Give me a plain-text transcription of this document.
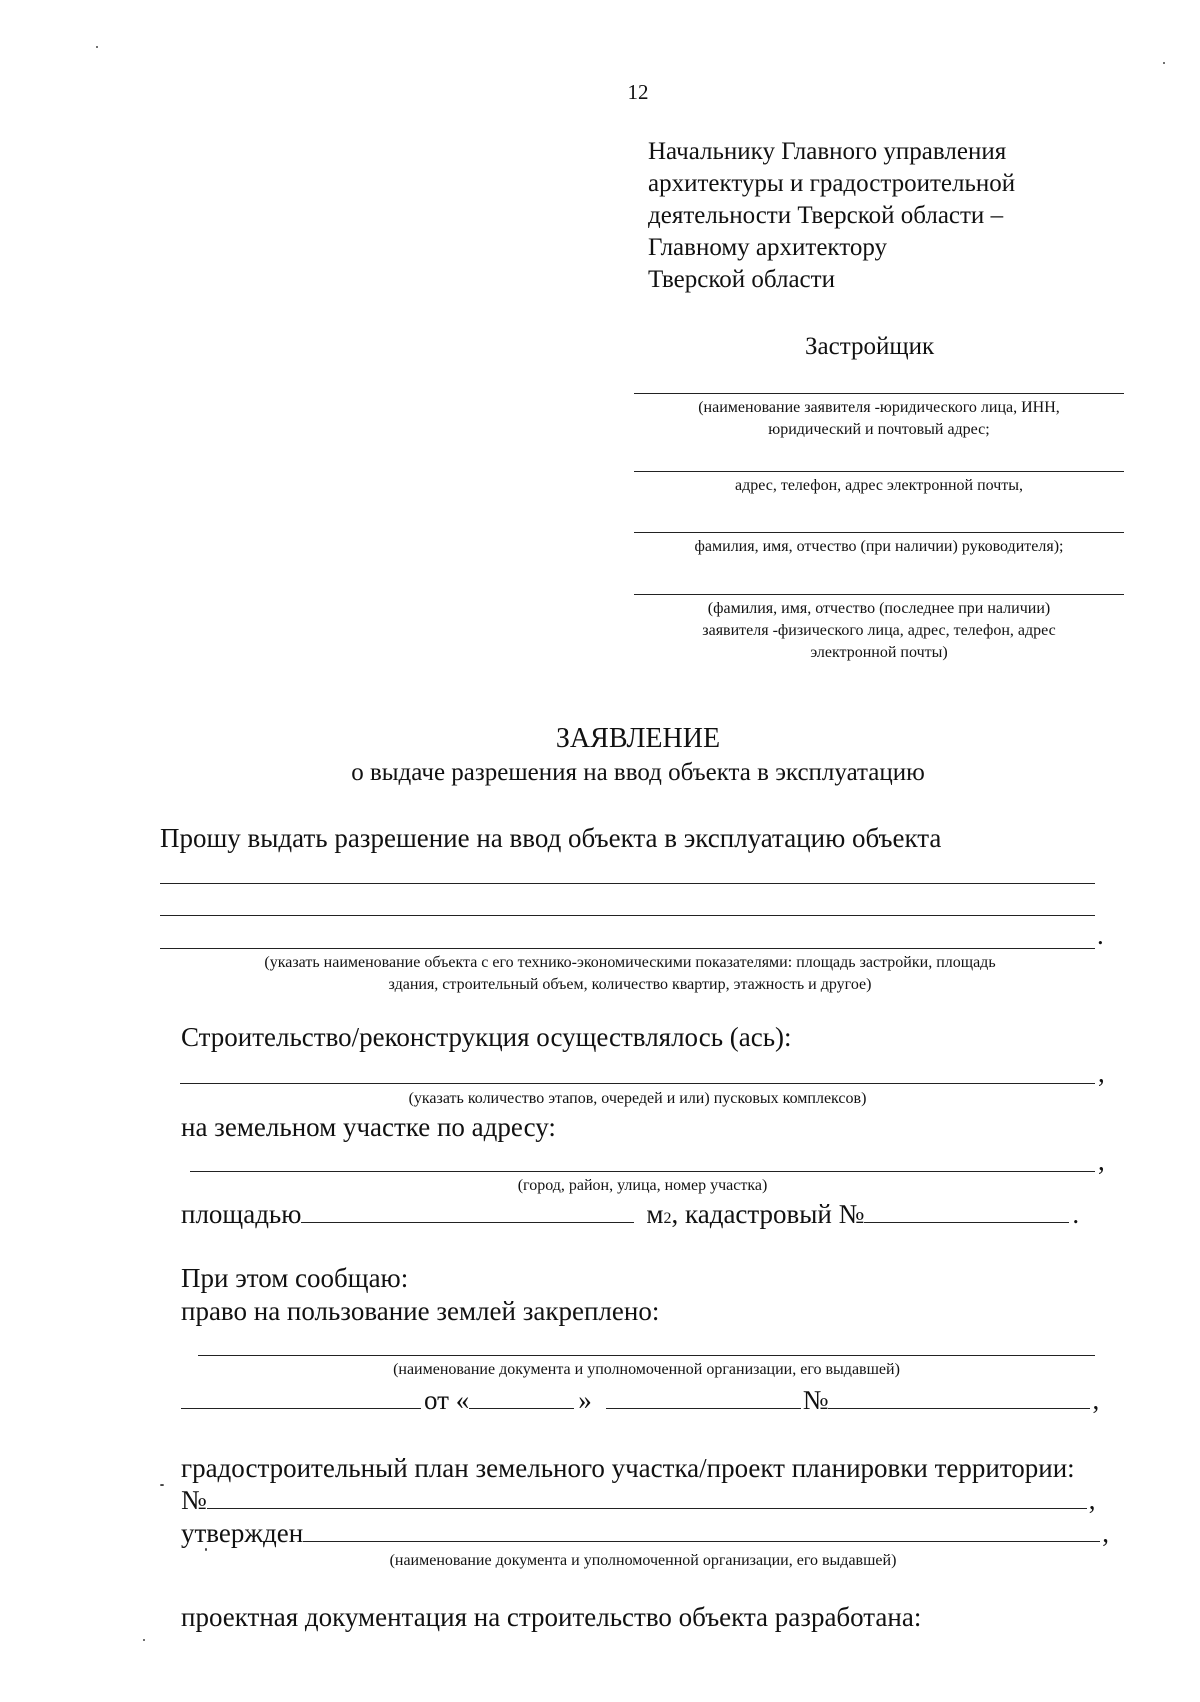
12
Начальнику Главного управления
архитектуры и градостроительной
деятельности Тверской области –
Главному архитектору
Тверской области
Застройщик
(наименование заявителя -юридического лица, ИНН,
юридический и почтовый адрес;
адрес, телефон, адрес электронной почты,
фамилия, имя, отчество (при наличии) руководителя);
(фамилия, имя, отчество (последнее при наличии)
заявителя -физического лица, адрес, телефон, адрес
электронной почты)
ЗАЯВЛЕНИЕ
о выдаче разрешения на ввод объекта в эксплуатацию
Прошу выдать разрешение на ввод объекта в эксплуатацию объекта
.
(указать наименование объекта с его технико-экономическими показателями: площадь застройки, площадь
здания, строительный объем, количество квартир, этажность и другое)
Строительство/реконструкция осуществлялось (ась):
,
(указать количество этапов, очередей и или) пусковых комплексов)
на земельном участке по адресу:
,
(город, район, улица, номер участка)
площадью	м 2 , кадастровый №	.
При этом сообщаю:
право на пользование землей закреплено:
(наименование документа и уполномоченной организации, его выдавшей)
от «	»	№	,
градостроительный план земельного участка/проект планировки территории:
№	,
утвержден	,
(наименование документа и уполномоченной организации, его выдавшей)
проектная документация на строительство объекта разработана:
